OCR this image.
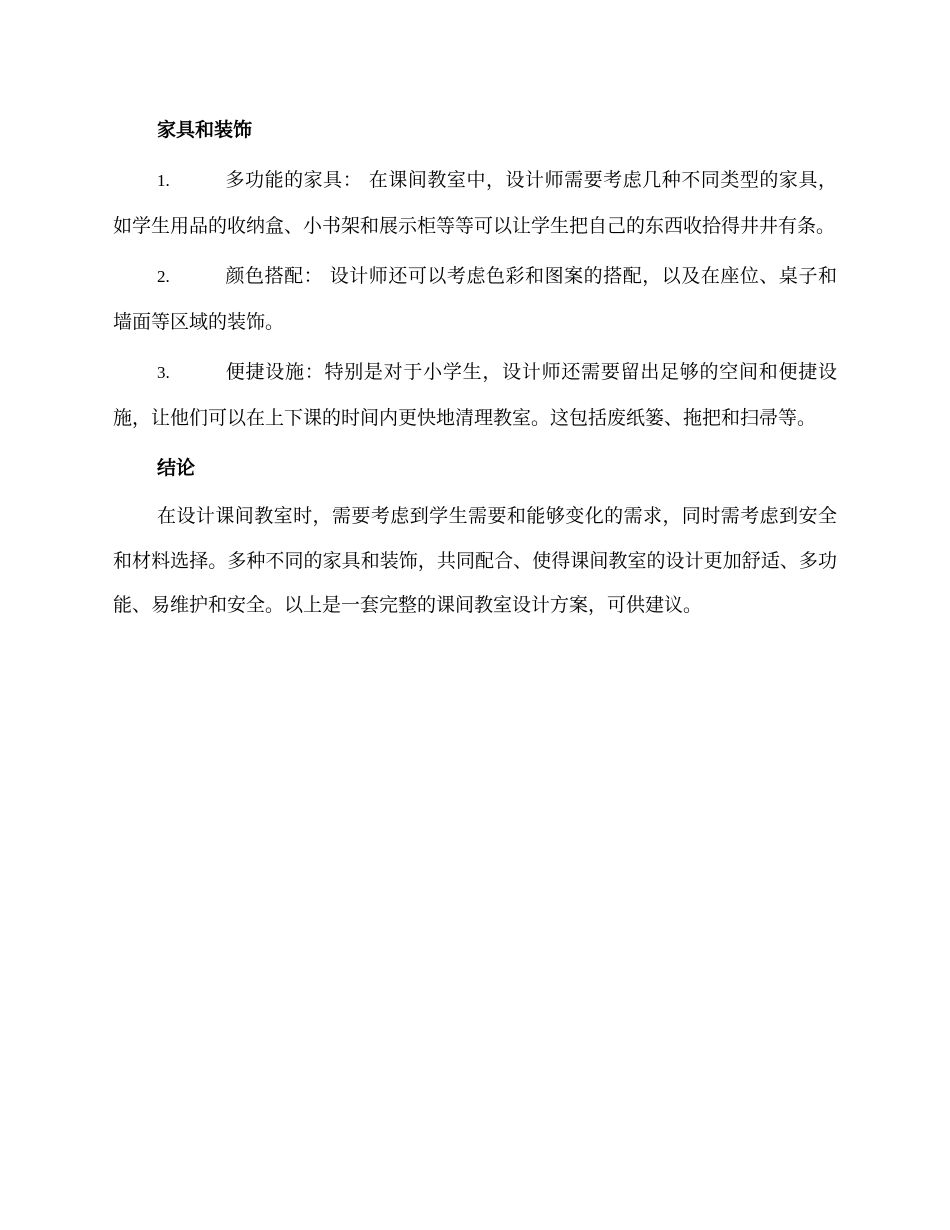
家具和装饰

1.	多功能的家具： 在课间教室中，设计师需要考虑几种不同类型的家具，如学生用品的收纳盒、小书架和展示柜等等可以让学生把自己的东西收拾得井井有条。

2.	颜色搭配： 设计师还可以考虑色彩和图案的搭配，以及在座位、桌子和墙面等区域的装饰。

3.	便捷设施：特别是对于小学生，设计师还需要留出足够的空间和便捷设施，让他们可以在上下课的时间内更快地清理教室。这包括废纸篓、拖把和扫帚等。

结论

在设计课间教室时，需要考虑到学生需要和能够变化的需求，同时需考虑到安全和材料选择。多种不同的家具和装饰，共同配合、使得课间教室的设计更加舒适、多功能、易维护和安全。以上是一套完整的课间教室设计方案，可供建议。
